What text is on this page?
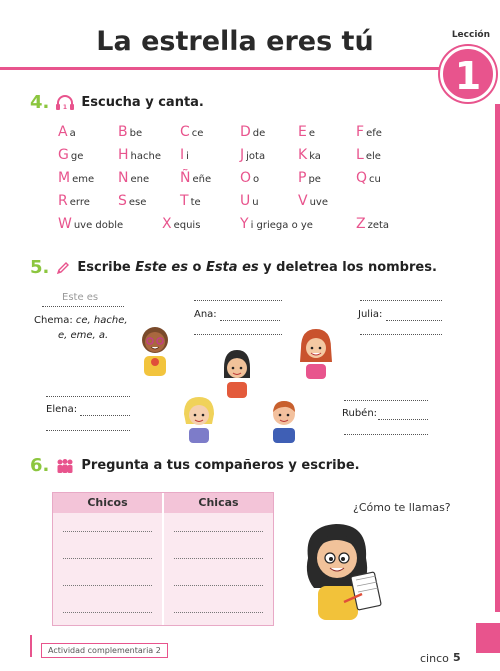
La estrella eres tú	Lección
1
4. 1 Escucha y canta.
A a	B be	C ce	D de E e	F efe
G ge H hache I i	J jota K ka	L ele
M eme N ene Ñ eñe O o	P pe	Q cu
R erre S ese T te	U u	V uve
W uve doble	X equis	Y i griega o ye	Z zeta
5. Escribe Este es o Esta es y deletrea los nombres.
Este es
Chema: ce, hache,
e, eme, a.
Ana:	Julia:
Elena:	Rubén:
6. Pregunta a tus compañeros y escribe.
Chicos	Chicas	¿Cómo te llamas?
Actividad complementaria 2
cinco 5
